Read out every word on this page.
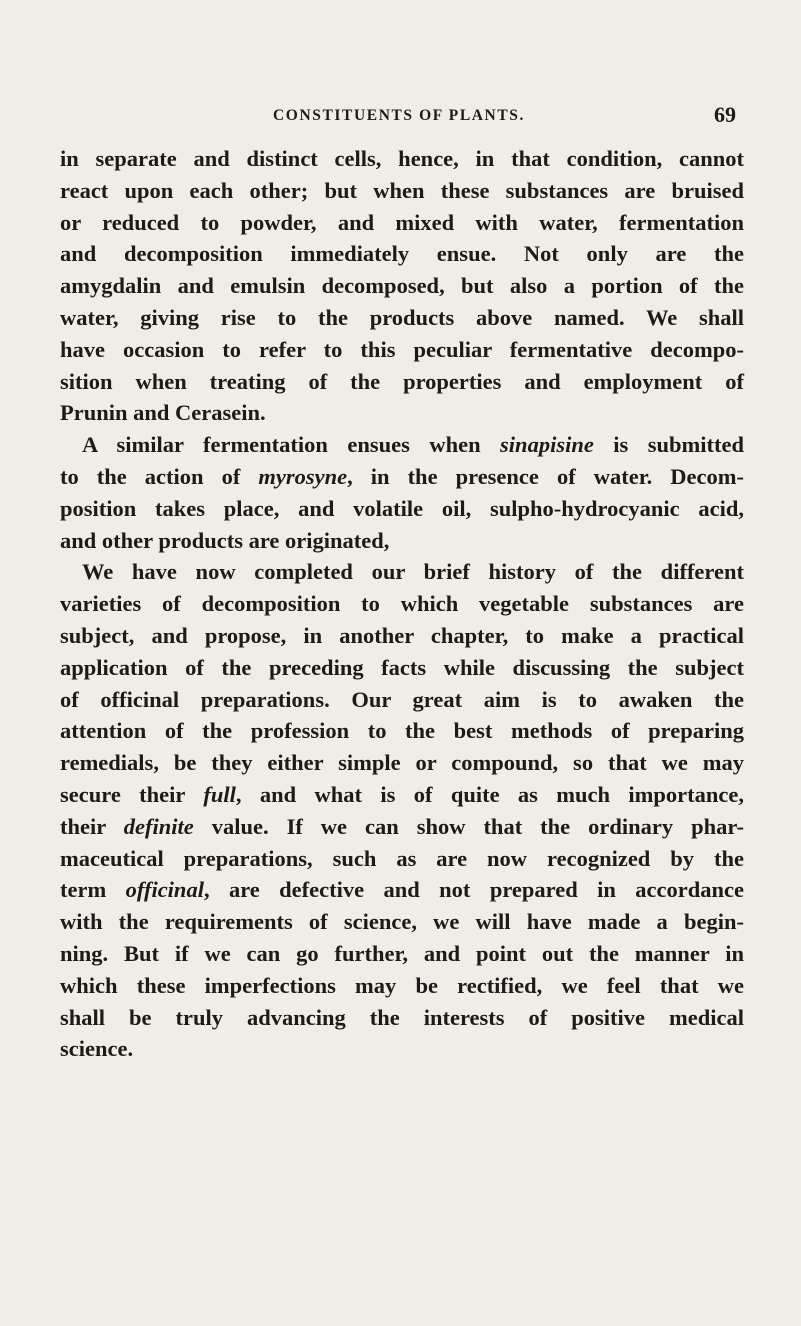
CONSTITUENTS OF PLANTS.	69
in separate and distinct cells, hence, in that condition, cannot
react upon each other; but when these substances are bruised
or reduced to powder, and mixed with water, fermentation
and decomposition immediately ensue. Not only are the
amygdalin and emulsin decomposed, but also a portion of the
water, giving rise to the products above named. We shall
have occasion to refer to this peculiar fermentative decompo-
sition when treating of the properties and employment of
Prunin and Cerasein.
A similar fermentation ensues when sinapisine is submitted
to the action of myrosyne, in the presence of water. Decom-
position takes place, and volatile oil, sulpho-hydrocyanic acid,
and other products are originated,
We have now completed our brief history of the different
varieties of decomposition to which vegetable substances are
subject, and propose, in another chapter, to make a practical
application of the preceding facts while discussing the subject
of officinal preparations. Our great aim is to awaken the
attention of the profession to the best methods of preparing
remedials, be they either simple or compound, so that we may
secure their full, and what is of quite as much importance,
their definite value. If we can show that the ordinary phar-
maceutical preparations, such as are now recognized by the
term officinal, are defective and not prepared in accordance
with the requirements of science, we will have made a begin-
ning. But if we can go further, and point out the manner in
which these imperfections may be rectified, we feel that we
shall be truly advancing the interests of positive medical
science.
